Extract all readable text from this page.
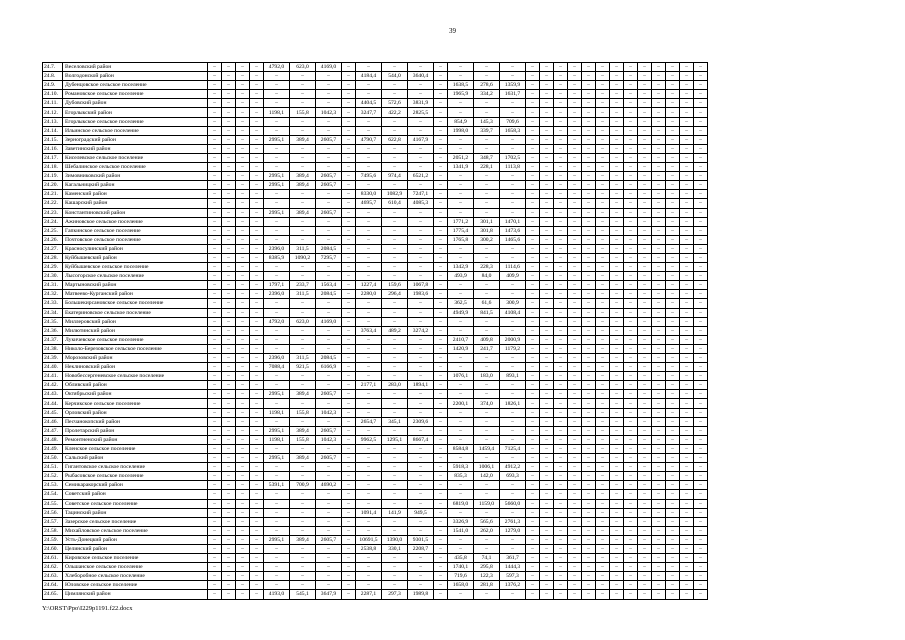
39
24.7.	Веселовский район	–	–	–	–	4792,0	623,0	4169,0	–	–	–	–	–	–	–	–	–	–	–	–	–	–	–	–	–	–	–	–	–
24.8.	Волгодонской район	–	–	–	–	–	–	–	–	4184,4	544,0	3640,4	–	–	–	–	–	–	–	–	–	–	–	–	–	–	–	–	–
24.9.	Дубенцовское сельское поселение	–	–	–	–	–	–	–	–	–	–	–	–	1638,5	278,6	1359,9	–	–	–	–	–	–	–	–	–	–	–	–	–
24.10.	Романовское сельское поселение	–	–	–	–	–	–	–	–	–	–	–	–	1965,9	334,2	1631,7	–	–	–	–	–	–	–	–	–	–	–	–	–
24.11.	Дубовский район	–	–	–	–	–	–	–	–	4404,5	572,6	3831,9	–	–	–	–	–	–	–	–	–	–	–	–	–	–	–	–	–
24.12.	Егорлыкский район	–	–	–	–	1198,1	155,8	1042,3	–	3247,7	422,2	2825,5	–	–	–	–	–	–	–	–	–	–	–	–	–	–	–	–	–
24.13.	Егорлыкское сельское поселение	–	–	–	–	–	–	–	–	–	–	–	–	854,9	145,3	709,6	–	–	–	–	–	–	–	–	–	–	–	–	–
24.14.	Ильинское сельское поселение	–	–	–	–	–	–	–	–	–	–	–	–	1998,0	339,7	1658,3	–	–	–	–	–	–	–	–	–	–	–	–	–
24.15.	Зерноградский район	–	–	–	–	2995,1	389,4	2605,7	–	4790,7	622,8	4167,9	–	–	–	–	–	–	–	–	–	–	–	–	–	–	–	–	–
24.16.	Заветинский район	–	–	–	–	–	–	–	–	–	–	–	–	–	–	–	–	–	–	–	–	–	–	–	–	–	–	–	–
24.17.	Киселевское сельское поселение	–	–	–	–	–	–	–	–	–	–	–	–	2051,2	348,7	1702,5	–	–	–	–	–	–	–	–	–	–	–	–	–
24.18.	Шебалинское сельское поселение	–	–	–	–	–	–	–	–	–	–	–	–	1341,9	228,1	1113,8	–	–	–	–	–	–	–	–	–	–	–	–	–
24.19.	Зимовниковский район	–	–	–	–	2995,1	389,4	2605,7	–	7495,6	974,4	6521,2	–	–	–	–	–	–	–	–	–	–	–	–	–	–	–	–	–
24.20.	Кагальницкий район	–	–	–	–	2995,1	389,4	2605,7	–	–	–	–	–	–	–	–	–	–	–	–	–	–	–	–	–	–	–	–	–
24.21.	Каменский район	–	–	–	–	–	–	–	–	8330,0	1082,9	7247,1	–	–	–	–	–	–	–	–	–	–	–	–	–	–	–	–	–
24.22.	Кашарский район	–	–	–	–	–	–	–	–	4695,7	610,4	4085,3	–	–	–	–	–	–	–	–	–	–	–	–	–	–	–	–	–
24.23.	Константиновский район	–	–	–	–	2995,1	389,4	2605,7	–	–	–	–	–	–	–	–	–	–	–	–	–	–	–	–	–	–	–	–	–
24.24.	Ажиновское сельское поселение	–	–	–	–	–	–	–	–	–	–	–	–	1771,2	301,1	1470,1	–	–	–	–	–	–	–	–	–	–	–	–	–
24.25.	Гапкинское сельское поселение	–	–	–	–	–	–	–	–	–	–	–	–	1775,4	301,8	1473,6	–	–	–	–	–	–	–	–	–	–	–	–	–
24.26.	Почтовское сельское поселение	–	–	–	–	–	–	–	–	–	–	–	–	1765,8	300,2	1465,6	–	–	–	–	–	–	–	–	–	–	–	–	–
24.27.	Красносулинский район	–	–	–	–	2396,0	311,5	2084,5	–	–	–	–	–	–	–	–	–	–	–	–	–	–	–	–	–	–	–	–	–
24.28.	Куйбышевский район	–	–	–	–	8385,9	1090,2	7295,7	–	–	–	–	–	–	–	–	–	–	–	–	–	–	–	–	–	–	–	–	–
24.29.	Куйбышевское сельское поселение	–	–	–	–	–	–	–	–	–	–	–	–	1342,9	228,3	1114,6	–	–	–	–	–	–	–	–	–	–	–	–	–
24.30.	Лысогорское сельское поселение	–	–	–	–	–	–	–	–	–	–	–	–	493,9	84,0	409,9	–	–	–	–	–	–	–	–	–	–	–	–	–
24.31.	Мартыновский район	–	–	–	–	1797,1	233,7	1563,4	–	1227,4	159,6	1067,8	–	–	–	–	–	–	–	–	–	–	–	–	–	–	–	–	–
24.32.	Матвеево-Курганский район	–	–	–	–	2396,0	311,5	2084,5	–	2280,0	296,4	1983,6	–	–	–	–	–	–	–	–	–	–	–	–	–	–	–	–	–
24.33.	Большекирсановское сельское поселение	–	–	–	–	–	–	–	–	–	–	–	–	362,5	61,6	300,9	–	–	–	–	–	–	–	–	–	–	–	–	–
24.34.	Екатериновское сельское поселение	–	–	–	–	–	–	–	–	–	–	–	–	4949,9	841,5	4108,4	–	–	–	–	–	–	–	–	–	–	–	–	–
24.35.	Миллеровский район	–	–	–	–	4792,0	623,0	4169,0	–	–	–	–	–	–	–	–	–	–	–	–	–	–	–	–	–	–	–	–	–
24.36.	Милютинский район	–	–	–	–	–	–	–	–	3763,4	489,2	3274,2	–	–	–	–	–	–	–	–	–	–	–	–	–	–	–	–	–
24.37.	Лукичевское сельское поселение	–	–	–	–	–	–	–	–	–	–	–	–	2410,7	409,8	2000,9	–	–	–	–	–	–	–	–	–	–	–	–	–
24.38.	Николо-Березовское сельское поселение	–	–	–	–	–	–	–	–	–	–	–	–	1420,9	241,7	1179,2	–	–	–	–	–	–	–	–	–	–	–	–	–
24.39.	Морозовский район	–	–	–	–	2396,0	311,5	2084,5	–	–	–	–	–	–	–	–	–	–	–	–	–	–	–	–	–	–	–	–	–
24.40.	Неклиновский район	–	–	–	–	7088,4	921,5	6166,9	–	–	–	–	–	–	–	–	–	–	–	–	–	–	–	–	–	–	–	–	–
24.41.	Новобессергеневское сельское поселение	–	–	–	–	–	–	–	–	–	–	–	–	1076,1	183,0	893,1	–	–	–	–	–	–	–	–	–	–	–	–	–
24.42.	Обливский район	–	–	–	–	–	–	–	–	2177,1	283,0	1894,1	–	–	–	–	–	–	–	–	–	–	–	–	–	–	–	–	–
24.43.	Октябрьский район	–	–	–	–	2995,1	389,4	2605,7	–	–	–	–	–	–	–	–	–	–	–	–	–	–	–	–	–	–	–	–	–
24.44.	Керчикское сельское поселение	–	–	–	–	–	–	–	–	–	–	–	–	2200,1	374,0	1826,1	–	–	–	–	–	–	–	–	–	–	–	–	–
24.45.	Орловский район	–	–	–	–	1198,1	155,8	1042,3	–	–	–	–	–	–	–	–	–	–	–	–	–	–	–	–	–	–	–	–	–
24.46.	Песчанокопский район	–	–	–	–	–	–	–	–	2654,7	345,1	2309,6	–	–	–	–	–	–	–	–	–	–	–	–	–	–	–	–	–
24.47.	Пролетарский район	–	–	–	–	2995,1	389,4	2605,7	–	–	–	–	–	–	–	–	–	–	–	–	–	–	–	–	–	–	–	–	–
24.48.	Ремонтненский район	–	–	–	–	1198,1	155,8	1042,3	–	9962,5	1295,1	8667,4	–	–	–	–	–	–	–	–	–	–	–	–	–	–	–	–	–
24.49.	Кленское сельское поселение	–	–	–	–	–	–	–	–	–	–	–	–	8584,8	1459,4	7125,4	–	–	–	–	–	–	–	–	–	–	–	–	–
24.50.	Сальский район	–	–	–	–	2995,1	389,4	2605,7	–	–	–	–	–	–	–	–	–	–	–	–	–	–	–	–	–	–	–	–	–
24.51.	Гигантовское сельское поселение	–	–	–	–	–	–	–	–	–	–	–	–	5918,3	1006,1	4912,2	–	–	–	–	–	–	–	–	–	–	–	–	–
24.52.	Рыбасовское сельское поселение	–	–	–	–	–	–	–	–	–	–	–	–	835,3	142,0	693,3	–	–	–	–	–	–	–	–	–	–	–	–	–
24.53.	Семикаракорский район	–	–	–	–	5391,1	700,9	4690,2	–	–	–	–	–	–	–	–	–	–	–	–	–	–	–	–	–	–	–	–	–
24.54.	Советский район	–	–	–	–	–	–	–	–	–	–	–	–	–	–	–	–	–	–	–	–	–	–	–	–	–	–	–	–
24.55.	Советское сельское поселение	–	–	–	–	–	–	–	–	–	–	–	–	6819,0	1159,0	5660,0	–	–	–	–	–	–	–	–	–	–	–	–	–
24.56.	Тацинский район	–	–	–	–	–	–	–	–	1091,4	141,9	949,5	–	–	–	–	–	–	–	–	–	–	–	–	–	–	–	–	–
24.57.	Зазерское сельское поселение	–	–	–	–	–	–	–	–	–	–	–	–	3326,9	565,6	2761,3	–	–	–	–	–	–	–	–	–	–	–	–	–
24.58.	Михайловское сельское поселение	–	–	–	–	–	–	–	–	–	–	–	–	1541,0	262,0	1279,0	–	–	–	–	–	–	–	–	–	–	–	–	–
24.59.	Усть-Донецкий район	–	–	–	–	2995,1	389,4	2605,7	–	10691,5	1390,0	9301,5	–	–	–	–	–	–	–	–	–	–	–	–	–	–	–	–	–
24.60.	Целинский район	–	–	–	–	–	–	–	–	2538,8	330,1	2208,7	–	–	–	–	–	–	–	–	–	–	–	–	–	–	–	–	–
24.61.	Кировское сельское поселение	–	–	–	–	–	–	–	–	–	–	–	–	435,8	74,1	361,7	–	–	–	–	–	–	–	–	–	–	–	–	–
24.62.	Ольшанское сельское поселение	–	–	–	–	–	–	–	–	–	–	–	–	1740,1	295,8	1444,3	–	–	–	–	–	–	–	–	–	–	–	–	–
24.63.	Хлеборобное сельское поселение	–	–	–	–	–	–	–	–	–	–	–	–	719,6	122,3	597,3	–	–	–	–	–	–	–	–	–	–	–	–	–
24.64.	Юловское сельское поселение	–	–	–	–	–	–	–	–	–	–	–	–	1658,0	281,8	1376,2	–	–	–	–	–	–	–	–	–	–	–	–	–
24.65.	Цимлянский район	–	–	–	–	4193,0	545,1	3647,9	–	2287,1	297,3	1989,8	–	–	–	–	–	–	–	–	–	–	–	–	–	–	–	–	–
Y:\ORST\Ppo\I229p1191.f22.docx
